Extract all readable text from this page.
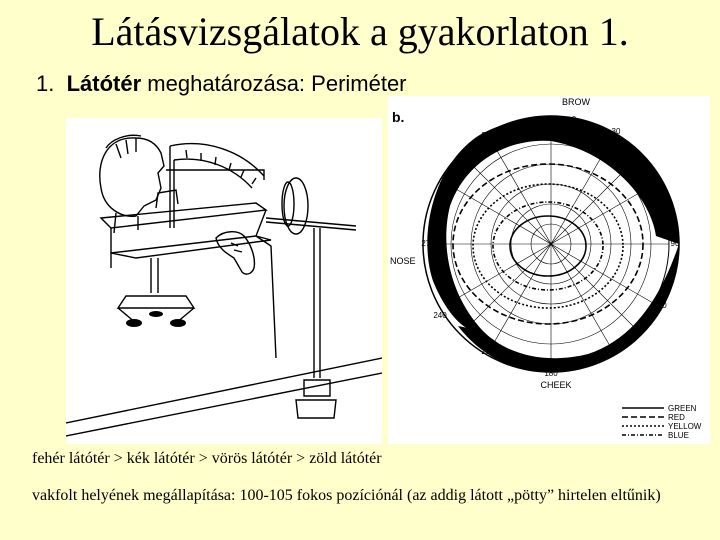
Látásvizsgálatok a gyakorlaton 1.
1. Látótér meghatározása: Periméter
b.
BROW
CHEEK
NOSE
0
30
60
90
120
150
180
210
240
270
300
330
GREEN
RED
YELLOW
BLUE
fehér látótér > kék látótér > vörös látótér > zöld látótér
vakfolt helyének megállapítása: 100-105 fokos pozíciónál (az addig látott „pötty” hirtelen eltűnik)
